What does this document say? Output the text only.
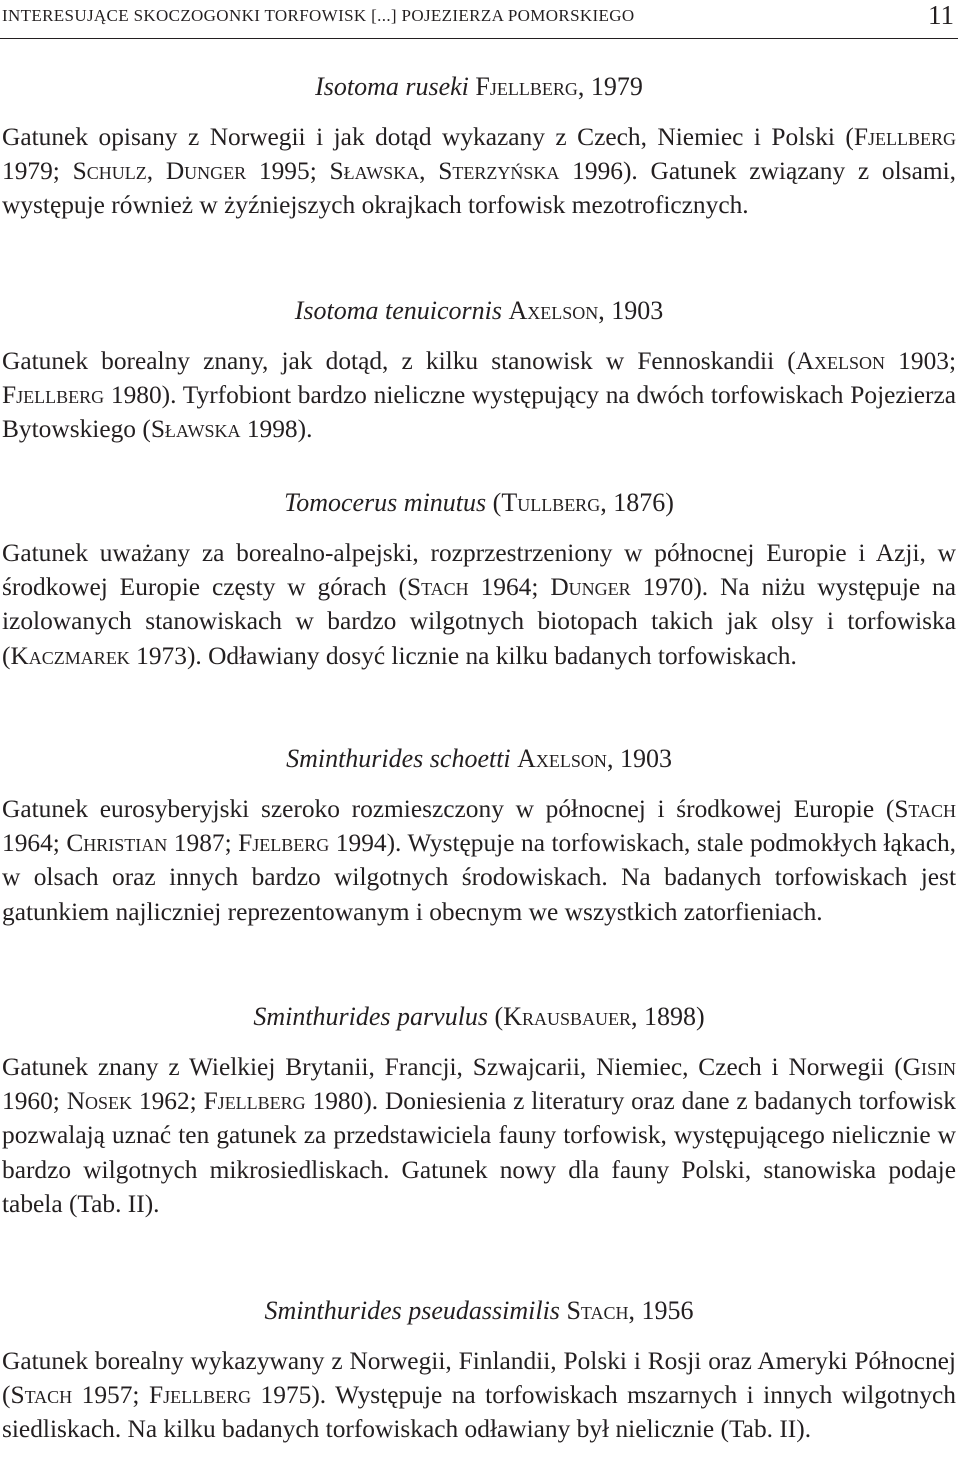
INTERESUJĄCE SKOCZOGONKI TORFOWISK [...] POJEZIERZA POMORSKIEGO	11
Isotoma ruseki Fjellberg, 1979

Gatunek opisany z Norwegii i jak dotąd wykazany z Czech, Niemiec i Polski (Fjellberg 1979; Schulz, Dunger 1995; Sławska, Sterzyńska 1996). Gatunek związany z olsami, występuje również w żyźniejszych okrajkach torfowisk mezotroficznych.

Isotoma tenuicornis Axelson, 1903

Gatunek borealny znany, jak dotąd, z kilku stanowisk w Fennoskandii (Axelson 1903; Fjellberg 1980). Tyrfobiont bardzo nieliczne występujący na dwóch torfowiskach Pojezierza Bytowskiego (Sławska 1998).

Tomocerus minutus (Tullberg, 1876)

Gatunek uważany za borealno-alpejski, rozprzestrzeniony w północnej Europie i Azji, w środkowej Europie częsty w górach (Stach 1964; Dunger 1970). Na niżu występuje na izolowanych stanowiskach w bardzo wilgotnych biotopach takich jak olsy i torfowiska (Kaczmarek 1973). Odławiany dosyć licznie na kilku badanych torfowiskach.

Sminthurides schoetti Axelson, 1903

Gatunek eurosyberyjski szeroko rozmieszczony w północnej i środkowej Europie (Stach 1964; Christian 1987; Fjelberg 1994). Występuje na torfowiskach, stale podmokłych łąkach, w olsach oraz innych bardzo wilgotnych środowiskach. Na badanych torfowiskach jest gatunkiem najliczniej reprezentowanym i obecnym we wszystkich zatorfieniach.

Sminthurides parvulus (Krausbauer, 1898)

Gatunek znany z Wielkiej Brytanii, Francji, Szwajcarii, Niemiec, Czech i Norwegii (Gisin 1960; Nosek 1962; Fjellberg 1980). Doniesienia z literatury oraz dane z badanych torfowisk pozwalają uznać ten gatunek za przedstawiciela fauny torfowisk, występującego nielicznie w bardzo wilgotnych mikrosiedliskach. Gatunek nowy dla fauny Polski, stanowiska podaje tabela (Tab. II).

Sminthurides pseudassimilis Stach, 1956

Gatunek borealny wykazywany z Norwegii, Finlandii, Polski i Rosji oraz Ameryki Północnej (Stach 1957; Fjellberg 1975). Występuje na torfowiskach mszarnych i innych wilgotnych siedliskach. Na kilku badanych torfowiskach odławiany był nielicznie (Tab. II).
